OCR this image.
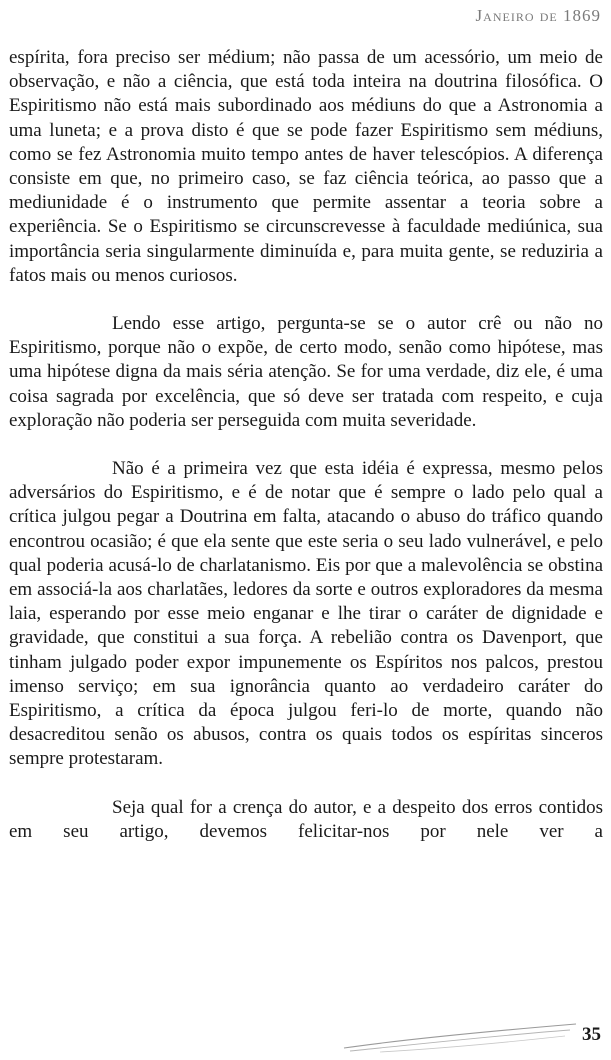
Janeiro de 1869

espírita, fora preciso ser médium; não passa de um acessório, um meio de observação, e não a ciência, que está toda inteira na doutrina filosófica. O Espiritismo não está mais subordinado aos médiuns do que a Astronomia a uma luneta; e a prova disto é que se pode fazer Espiritismo sem médiuns, como se fez Astronomia muito tempo antes de haver telescópios. A diferença consiste em que, no primeiro caso, se faz ciência teórica, ao passo que a mediunidade é o instrumento que permite assentar a teoria sobre a experiência. Se o Espiritismo se circunscrevesse à faculdade mediúnica, sua importância seria singularmente diminuída e, para muita gente, se reduziria a fatos mais ou menos curiosos.

Lendo esse artigo, pergunta-se se o autor crê ou não no Espiritismo, porque não o expõe, de certo modo, senão como hipótese, mas uma hipótese digna da mais séria atenção. Se for uma verdade, diz ele, é uma coisa sagrada por excelência, que só deve ser tratada com respeito, e cuja exploração não poderia ser perseguida com muita severidade.

Não é a primeira vez que esta idéia é expressa, mesmo pelos adversários do Espiritismo, e é de notar que é sempre o lado pelo qual a crítica julgou pegar a Doutrina em falta, atacando o abuso do tráfico quando encontrou ocasião; é que ela sente que este seria o seu lado vulnerável, e pelo qual poderia acusá-lo de charlatanismo. Eis por que a malevolência se obstina em associá-la aos charlatães, ledores da sorte e outros exploradores da mesma laia, esperando por esse meio enganar e lhe tirar o caráter de dignidade e gravidade, que constitui a sua força. A rebelião contra os Davenport, que tinham julgado poder expor impunemente os Espíritos nos palcos, prestou imenso serviço; em sua ignorância quanto ao verdadeiro caráter do Espiritismo, a crítica da época julgou feri-lo de morte, quando não desacreditou senão os abusos, contra os quais todos os espíritas sinceros sempre protestaram.

Seja qual for a crença do autor, e a despeito dos erros contidos em seu artigo, devemos felicitar-nos por nele ver a

35
